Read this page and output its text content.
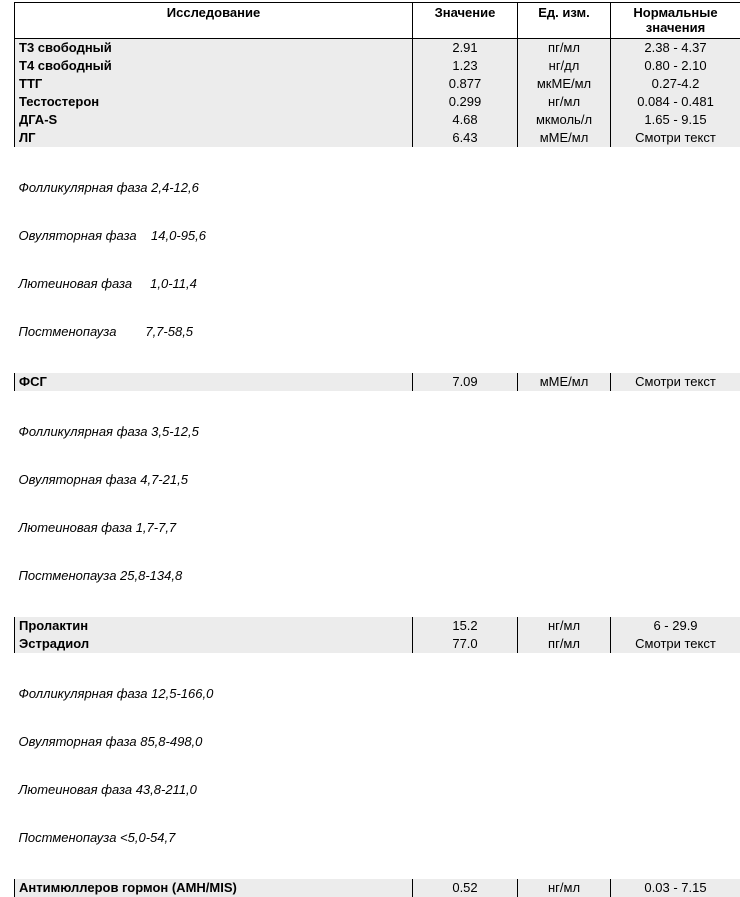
Исследование	Значение	Ед. изм.	Нормальные
значения
Т3 свободный	2.91	пг/мл	2.38 - 4.37
Т4 свободный	1.23	нг/дл	0.80 - 2.10
ТТГ	0.877	мкМЕ/мл	0.27-4.2
Тестостерон	0.299	нг/мл	0.084 - 0.481
ДГА-S	4.68	мкмоль/л	1.65 - 9.15
ЛГ	6.43	мМЕ/мл	Смотри текст

Фолликулярная фаза 2,4-12,6

Овуляторная фаза    14,0-95,6

Лютеиновая фаза     1,0-11,4

Постменопауза        7,7-58,5			

ФСГ	7.09	мМЕ/мл	Смотри текст

Фолликулярная фаза 3,5-12,5

Овуляторная фаза 4,7-21,5

Лютеиновая фаза 1,7-7,7

Постменопауза 25,8-134,8			

Пролактин	15.2	нг/мл	6 - 29.9
Эстрадиол	77.0	пг/мл	Смотри текст

Фолликулярная фаза 12,5-166,0

Овуляторная фаза 85,8-498,0

Лютеиновая фаза 43,8-211,0

Постменопауза <5,0-54,7			

Антимюллеров гормон (AMH/MIS)	0.52	нг/мл	0.03 - 7.15
